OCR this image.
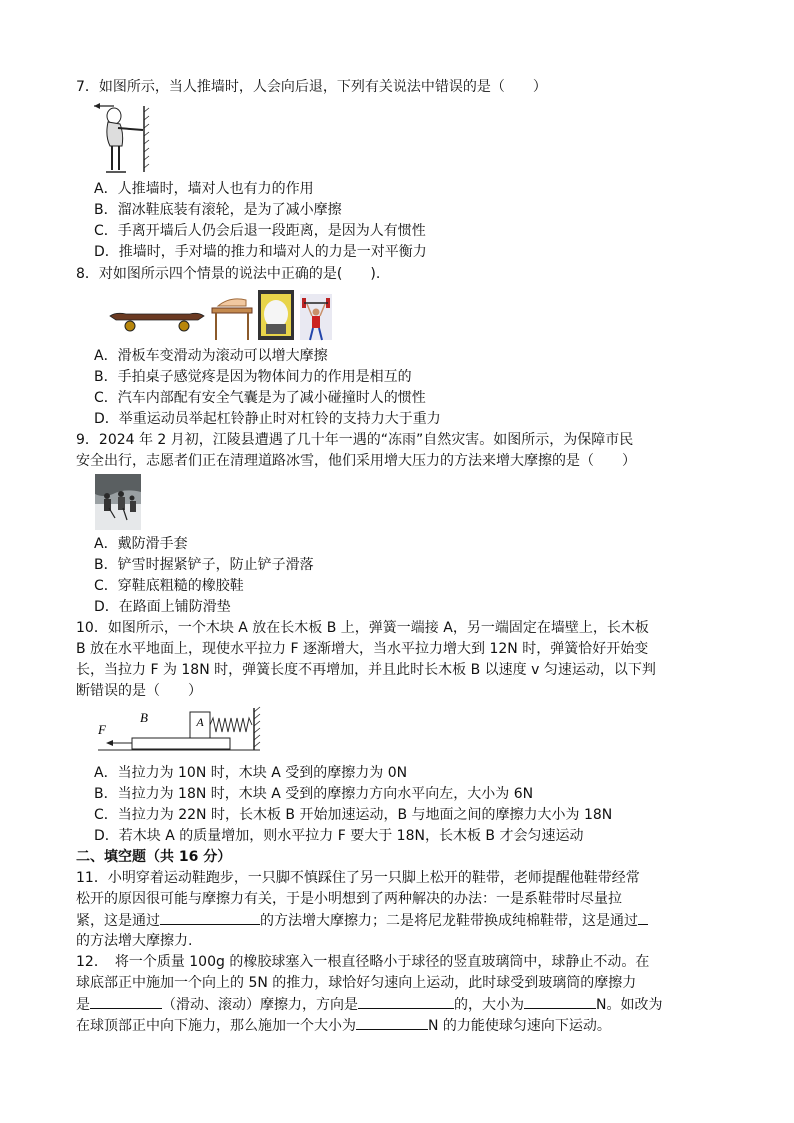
7．如图所示，当人推墙时，人会向后退，下列有关说法中错误的是（　　）
A．人推墙时，墙对人也有力的作用
B．溜冰鞋底装有滚轮，是为了减小摩擦
C．手离开墙后人仍会后退一段距离，是因为人有惯性
D．推墙时，手对墙的推力和墙对人的力是一对平衡力
8．对如图所示四个情景的说法中正确的是(　　).
A．滑板车变滑动为滚动可以增大摩擦
B．手拍桌子感觉疼是因为物体间力的作用是相互的
C．汽车内部配有安全气囊是为了减小碰撞时人的惯性
D．举重运动员举起杠铃静止时对杠铃的支持力大于重力
9．2024 年 2 月初，江陵县遭遇了几十年一遇的“冻雨”自然灾害。如图所示，为保障市民
安全出行，志愿者们正在清理道路冰雪，他们采用增大压力的方法来增大摩擦的是（　　）
A．戴防滑手套
B．铲雪时握紧铲子，防止铲子滑落
C．穿鞋底粗糙的橡胶鞋
D．在路面上铺防滑垫
10．如图所示，一个木块 A 放在长木板 B 上，弹簧一端接 A，另一端固定在墙壁上，长木板
B 放在水平地面上，现使水平拉力 F 逐渐增大，当水平拉力增大到 12N 时，弹簧恰好开始变
长，当拉力 F 为 18N 时，弹簧长度不再增加，并且此时长木板 B 以速度 v 匀速运动，以下判
断错误的是（　　）
A
B
F
A．当拉力为 10N 时，木块 A 受到的摩擦力为 0N
B．当拉力为 18N 时，木块 A 受到的摩擦力方向水平向左，大小为 6N
C．当拉力为 22N 时，长木板 B 开始加速运动，B 与地面之间的摩擦力大小为 18N
D．若木块 A 的质量增加，则水平拉力 F 要大于 18N，长木板 B 才会匀速运动
二、填空题（共 16 分）
11．小明穿着运动鞋跑步，一只脚不慎踩住了另一只脚上松开的鞋带，老师提醒他鞋带经常
松开的原因很可能与摩擦力有关，于是小明想到了两种解决的办法：一是系鞋带时尽量拉
紧，这是通过	的方法增大摩擦力；二是将尼龙鞋带换成纯棉鞋带，这是通过
的方法增大摩擦力.
12．　将一个质量 100g 的橡胶球塞入一根直径略小于球径的竖直玻璃筒中，球静止不动。在
球底部正中施加一个向上的 5N 的推力，球恰好匀速向上运动，此时球受到玻璃筒的摩擦力
是	（滑动、滚动）摩擦力，方向是	的，大小为	N。如改为
在球顶部正中向下施力，那么施加一个大小为	N 的力能使球匀速向下运动。
